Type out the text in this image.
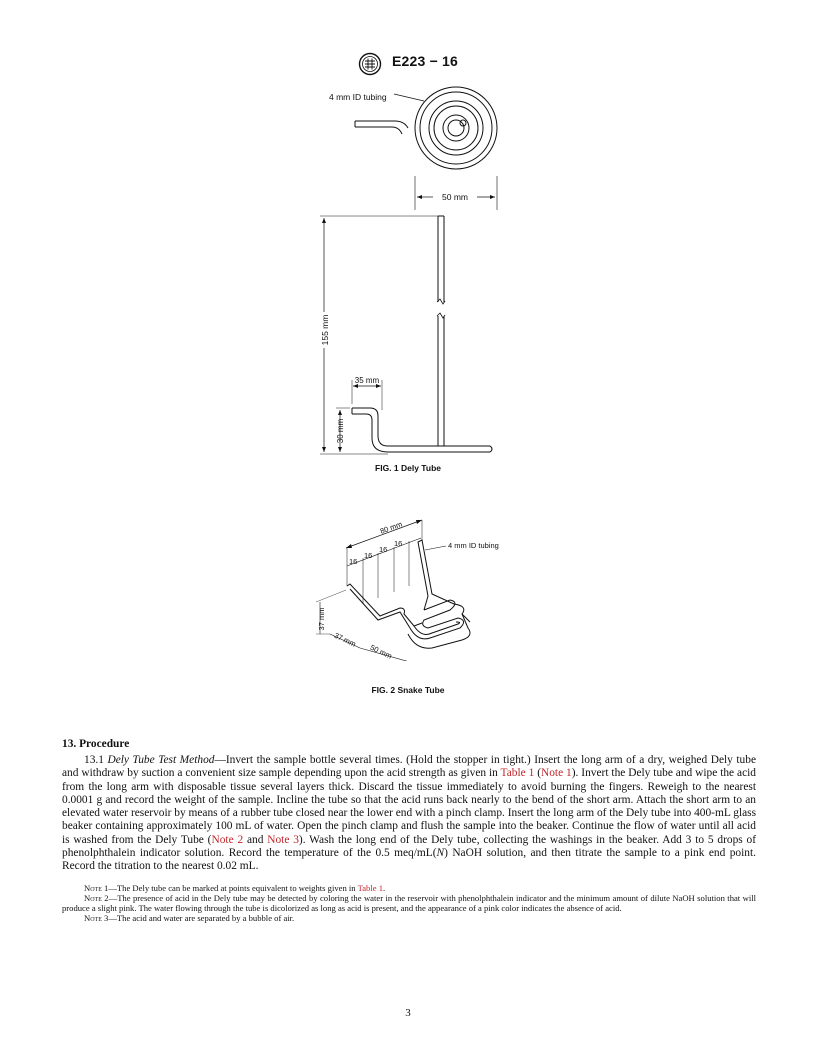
E223 − 16
4 mm ID tubing
50 mm
155 mm
35 mm
30 mm
FIG. 1 Dely Tube
80 mm
16
16
16
16	4 mm ID tubing
37 mm
37 mm
50 mm
FIG. 2 Snake Tube
13. Procedure

13.1 Dely Tube Test Method—Invert the sample bottle several times. (Hold the stopper in tight.) Insert the long arm of a dry, weighed Dely tube and withdraw by suction a convenient size sample depending upon the acid strength as given in Table 1 (Note 1). Invert the Dely tube and wipe the acid from the long arm with disposable tissue several layers thick. Discard the tissue immediately to avoid burning the fingers. Reweigh to the nearest 0.0001 g and record the weight of the sample. Incline the tube so that the acid runs back nearly to the bend of the short arm. Attach the short arm to an elevated water reservoir by means of a rubber tube closed near the lower end with a pinch clamp. Insert the long arm of the Dely tube into 400-mL glass beaker containing approximately 100 mL of water. Open the pinch clamp and flush the sample into the beaker. Continue the flow of water until all acid is washed from the Dely Tube (Note 2 and Note 3). Wash the long end of the Dely tube, collecting the washings in the beaker. Add 3 to 5 drops of phenolphthalein indicator solution. Record the temperature of the 0.5 meq/mL(N) NaOH solution, and then titrate the sample to a pink end point. Record the titration to the nearest 0.02 mL.

Note 1—The Dely tube can be marked at points equivalent to weights given in Table 1.

Note 2—The presence of acid in the Dely tube may be detected by coloring the water in the reservoir with phenolphthalein indicator and the minimum amount of dilute NaOH solution that will produce a slight pink. The water flowing through the tube is dicolorized as long as acid is present, and the appearance of a pink color indicates the absence of acid.

Note 3—The acid and water are separated by a bubble of air.

3
